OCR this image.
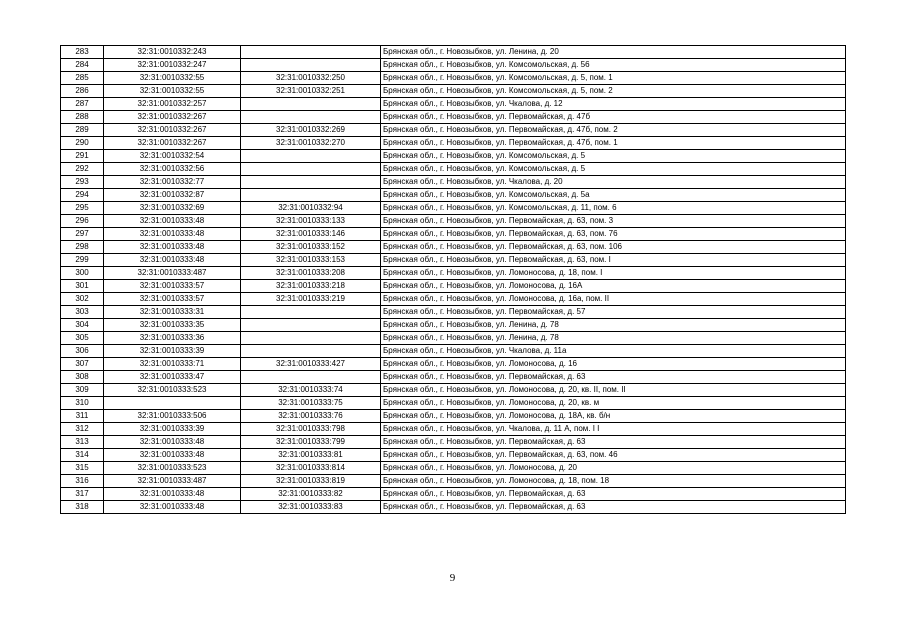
283	32:31:0010332:243		Брянская обл., г. Новозыбков, ул. Ленина, д. 20
284	32:31:0010332:247		Брянская обл., г. Новозыбков, ул. Комсомольская, д. 56
285	32:31:0010332:55	32:31:0010332:250	Брянская обл., г. Новозыбков, ул. Комсомольская, д. 5, пом. 1
286	32:31:0010332:55	32:31:0010332:251	Брянская обл., г. Новозыбков, ул. Комсомольская, д. 5, пом. 2
287	32:31:0010332:257		Брянская обл., г. Новозыбков, ул. Чкалова, д. 12
288	32:31:0010332:267		Брянская обл., г. Новозыбков, ул. Первомайская, д. 47б
289	32:31:0010332:267	32:31:0010332:269	Брянская обл., г. Новозыбков, ул. Первомайская, д. 47б, пом. 2
290	32:31:0010332:267	32:31:0010332:270	Брянская обл., г. Новозыбков, ул. Первомайская, д. 47б, пом. 1
291	32:31:0010332:54		Брянская обл., г. Новозыбков, ул. Комсомольская, д. 5
292	32:31:0010332:56		Брянская обл., г. Новозыбков, ул. Комсомольская, д. 5
293	32:31:0010332:77		Брянская обл., г. Новозыбков, ул. Чкалова, д. 20
294	32:31:0010332:87		Брянская обл., г. Новозыбков, ул. Комсомольская, д. 5а
295	32:31:0010332:69	32:31:0010332:94	Брянская обл., г. Новозыбков, ул. Комсомольская, д. 11, пом. 6
296	32:31:0010333:48	32:31:0010333:133	Брянская обл., г. Новозыбков, ул. Первомайская, д. 63, пом. 3
297	32:31:0010333:48	32:31:0010333:146	Брянская обл., г. Новозыбков, ул. Первомайская, д. 63, пом. 76
298	32:31:0010333:48	32:31:0010333:152	Брянская обл., г. Новозыбков, ул. Первомайская, д. 63, пом. 106
299	32:31:0010333:48	32:31:0010333:153	Брянская обл., г. Новозыбков, ул. Первомайская, д. 63, пом. I
300	32:31:0010333:487	32:31:0010333:208	Брянская обл., г. Новозыбков, ул. Ломоносова, д. 18, пом. I
301	32:31:0010333:57	32:31:0010333:218	Брянская обл., г. Новозыбков, ул. Ломоносова, д. 16А
302	32:31:0010333:57	32:31:0010333:219	Брянская обл., г. Новозыбков, ул. Ломоносова, д. 16а, пом. II
303	32:31:0010333:31		Брянская обл., г. Новозыбков, ул. Первомайская, д. 57
304	32:31:0010333:35		Брянская обл., г. Новозыбков, ул. Ленина, д. 78
305	32:31:0010333:36		Брянская обл., г. Новозыбков, ул. Ленина, д. 78
306	32:31:0010333:39		Брянская обл., г. Новозыбков, ул. Чкалова, д. 11а
307	32:31:0010333:71	32:31:0010333:427	Брянская обл., г. Новозыбков, ул. Ломоносова, д. 16
308	32:31:0010333:47		Брянская обл., г. Новозыбков, ул. Первомайская, д. 63
309	32:31:0010333:523	32:31:0010333:74	Брянская обл., г. Новозыбков, ул. Ломоносова, д. 20, кв. II, пом. II
310		32:31:0010333:75	Брянская обл., г. Новозыбков, ул. Ломоносова, д. 20, кв. м
311	32:31:0010333:506	32:31:0010333:76	Брянская обл., г. Новозыбков, ул. Ломоносова, д. 18А, кв. б/н
312	32:31:0010333:39	32:31:0010333:798	Брянская обл., г. Новозыбков, ул. Чкалова, д. 11 А, пом. I I
313	32:31:0010333:48	32:31:0010333:799	Брянская обл., г. Новозыбков, ул. Первомайская, д. 63
314	32:31:0010333:48	32:31:0010333:81	Брянская обл., г. Новозыбков, ул. Первомайская, д. 63, пом. 46
315	32:31:0010333:523	32:31:0010333:814	Брянская обл., г. Новозыбков, ул. Ломоносова, д. 20
316	32:31:0010333:487	32:31:0010333:819	Брянская обл., г. Новозыбков, ул. Ломоносова, д. 18, пом. 18
317	32:31:0010333:48	32:31:0010333:82	Брянская обл., г. Новозыбков, ул. Первомайская, д. 63
318	32:31:0010333:48	32:31:0010333:83	Брянская обл., г. Новозыбков, ул. Первомайская, д. 63
9
